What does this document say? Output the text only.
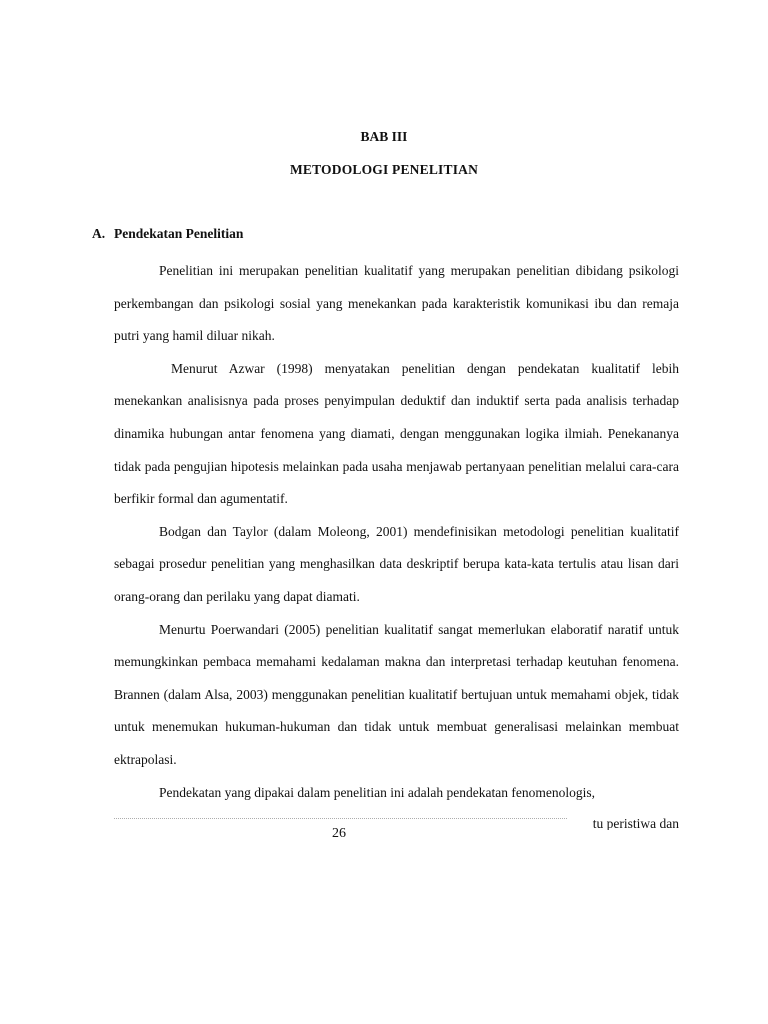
BAB III
METODOLOGI PENELITIAN
A. Pendekatan Penelitian

Penelitian ini merupakan penelitian kualitatif yang merupakan penelitian dibidang psikologi perkembangan dan psikologi sosial yang menekankan pada karakteristik komunikasi ibu dan remaja putri yang hamil diluar nikah.

Menurut Azwar (1998) menyatakan penelitian dengan pendekatan kualitatif lebih menekankan analisisnya pada proses penyimpulan deduktif dan induktif serta pada analisis terhadap dinamika hubungan antar fenomena yang diamati, dengan menggunakan logika ilmiah. Penekananya tidak pada pengujian hipotesis melainkan pada usaha menjawab pertanyaan penelitian melalui cara-cara berfikir formal dan agumentatif.

Bodgan dan Taylor (dalam Moleong, 2001) mendefinisikan metodologi penelitian kualitatif sebagai prosedur penelitian yang menghasilkan data deskriptif berupa kata-kata tertulis atau lisan dari orang-orang dan perilaku yang dapat diamati.

Menurtu Poerwandari (2005) penelitian kualitatif sangat memerlukan elaboratif naratif untuk memungkinkan pembaca memahami kedalaman makna dan interpretasi terhadap keutuhan fenomena. Brannen (dalam Alsa, 2003) menggunakan penelitian kualitatif bertujuan untuk memahami objek, tidak untuk menemukan hukuman-hukuman dan tidak untuk membuat generalisasi melainkan membuat ektrapolasi.

Pendekatan yang dipakai dalam penelitian ini adalah pendekatan fenomenologis,

tu peristiwa dan
26
